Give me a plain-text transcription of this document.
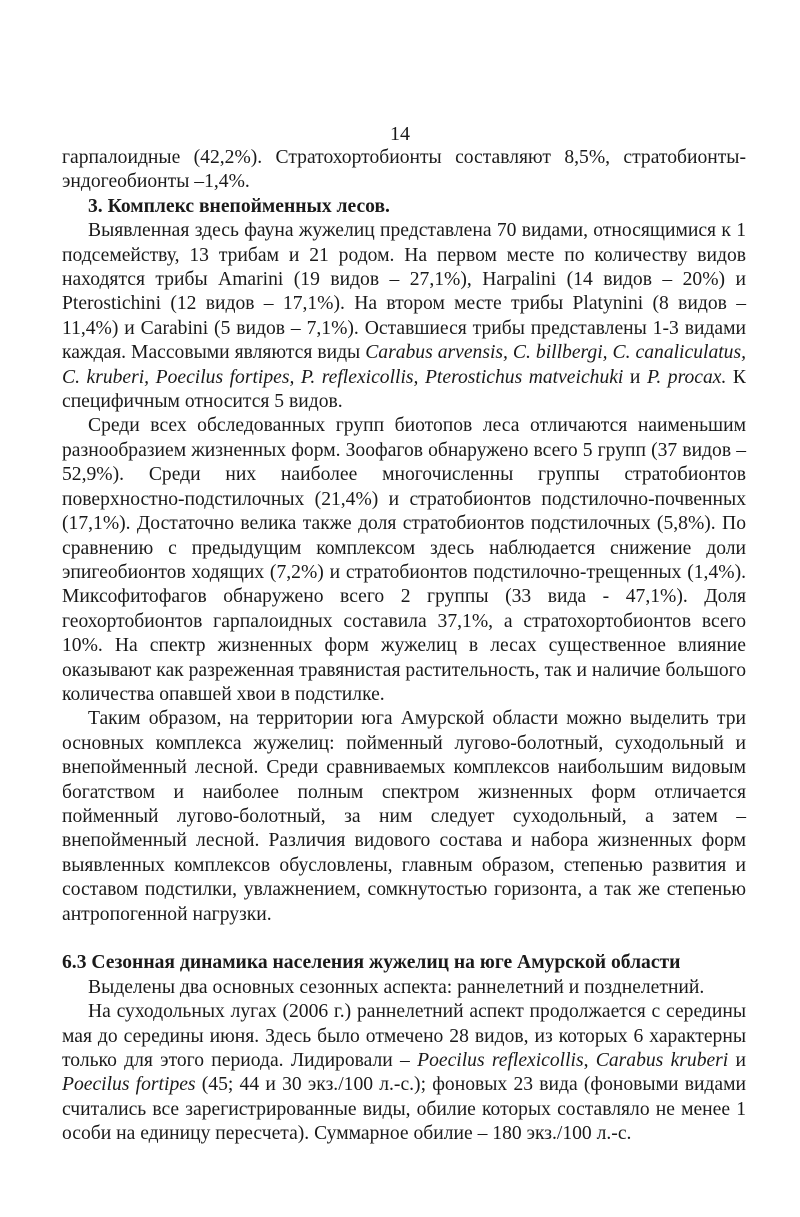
14

гарпалоидные (42,2%). Стратохортобионты составляют 8,5%, стратобионты-эндогеобионты –1,4%.

3. Комплекс внепойменных лесов.

Выявленная здесь фауна жужелиц представлена 70 видами, относящимися к 1 подсемейству, 13 трибам и 21 родом. На первом месте по количеству видов находятся трибы Amarini (19 видов – 27,1%), Harpalini (14 видов – 20%) и Pterostichini (12 видов – 17,1%). На втором месте трибы Platynini (8 видов – 11,4%) и Carabini (5 видов – 7,1%). Оставшиеся трибы представлены 1-3 видами каждая. Массовыми являются виды Carabus arvensis, C. billbergi, C. canaliculatus, C. kruberi, Poecilus fortipes, P. reflexicollis, Pterostichus matveichuki и P. procax. К специфичным относится 5 видов.

Среди всех обследованных групп биотопов леса отличаются наименьшим разнообразием жизненных форм. Зоофагов обнаружено всего 5 групп (37 видов – 52,9%). Среди них наиболее многочисленны группы стратобионтов поверхностно-подстилочных (21,4%) и стратобионтов подстилочно-почвенных (17,1%). Достаточно велика также доля стратобионтов подстилочных (5,8%). По сравнению с предыдущим комплексом здесь наблюдается снижение доли эпигеобионтов ходящих (7,2%) и стратобионтов подстилочно-трещенных (1,4%). Миксофитофагов обнаружено всего 2 группы (33 вида - 47,1%). Доля геохортобионтов гарпалоидных составила 37,1%, а стратохортобионтов всего 10%. На спектр жизненных форм жужелиц в лесах существенное влияние оказывают как разреженная травянистая растительность, так и наличие большого количества опавшей хвои в подстилке.

Таким образом, на территории юга Амурской области можно выделить три основных комплекса жужелиц: пойменный лугово-болотный, суходольный и внепойменный лесной. Среди сравниваемых комплексов наибольшим видовым богатством и наиболее полным спектром жизненных форм отличается пойменный лугово-болотный, за ним следует суходольный, а затем – внепойменный лесной. Различия видового состава и набора жизненных форм выявленных комплексов обусловлены, главным образом, степенью развития и составом подстилки, увлажнением, сомкнутостью горизонта, а так же степенью антропогенной нагрузки.

6.3 Сезонная динамика населения жужелиц на юге Амурской области

Выделены два основных сезонных аспекта: раннелетний и позднелетний.

На суходольных лугах (2006 г.) раннелетний аспект продолжается с середины мая до середины июня. Здесь было отмечено 28 видов, из которых 6 характерны только для этого периода. Лидировали – Poecilus reflexicollis, Carabus kruberi и Poecilus fortipes (45; 44 и 30 экз./100 л.-с.); фоновых 23 вида (фоновыми видами считались все зарегистрированные виды, обилие которых составляло не менее 1 особи на единицу пересчета). Суммарное обилие – 180 экз./100 л.-с.
